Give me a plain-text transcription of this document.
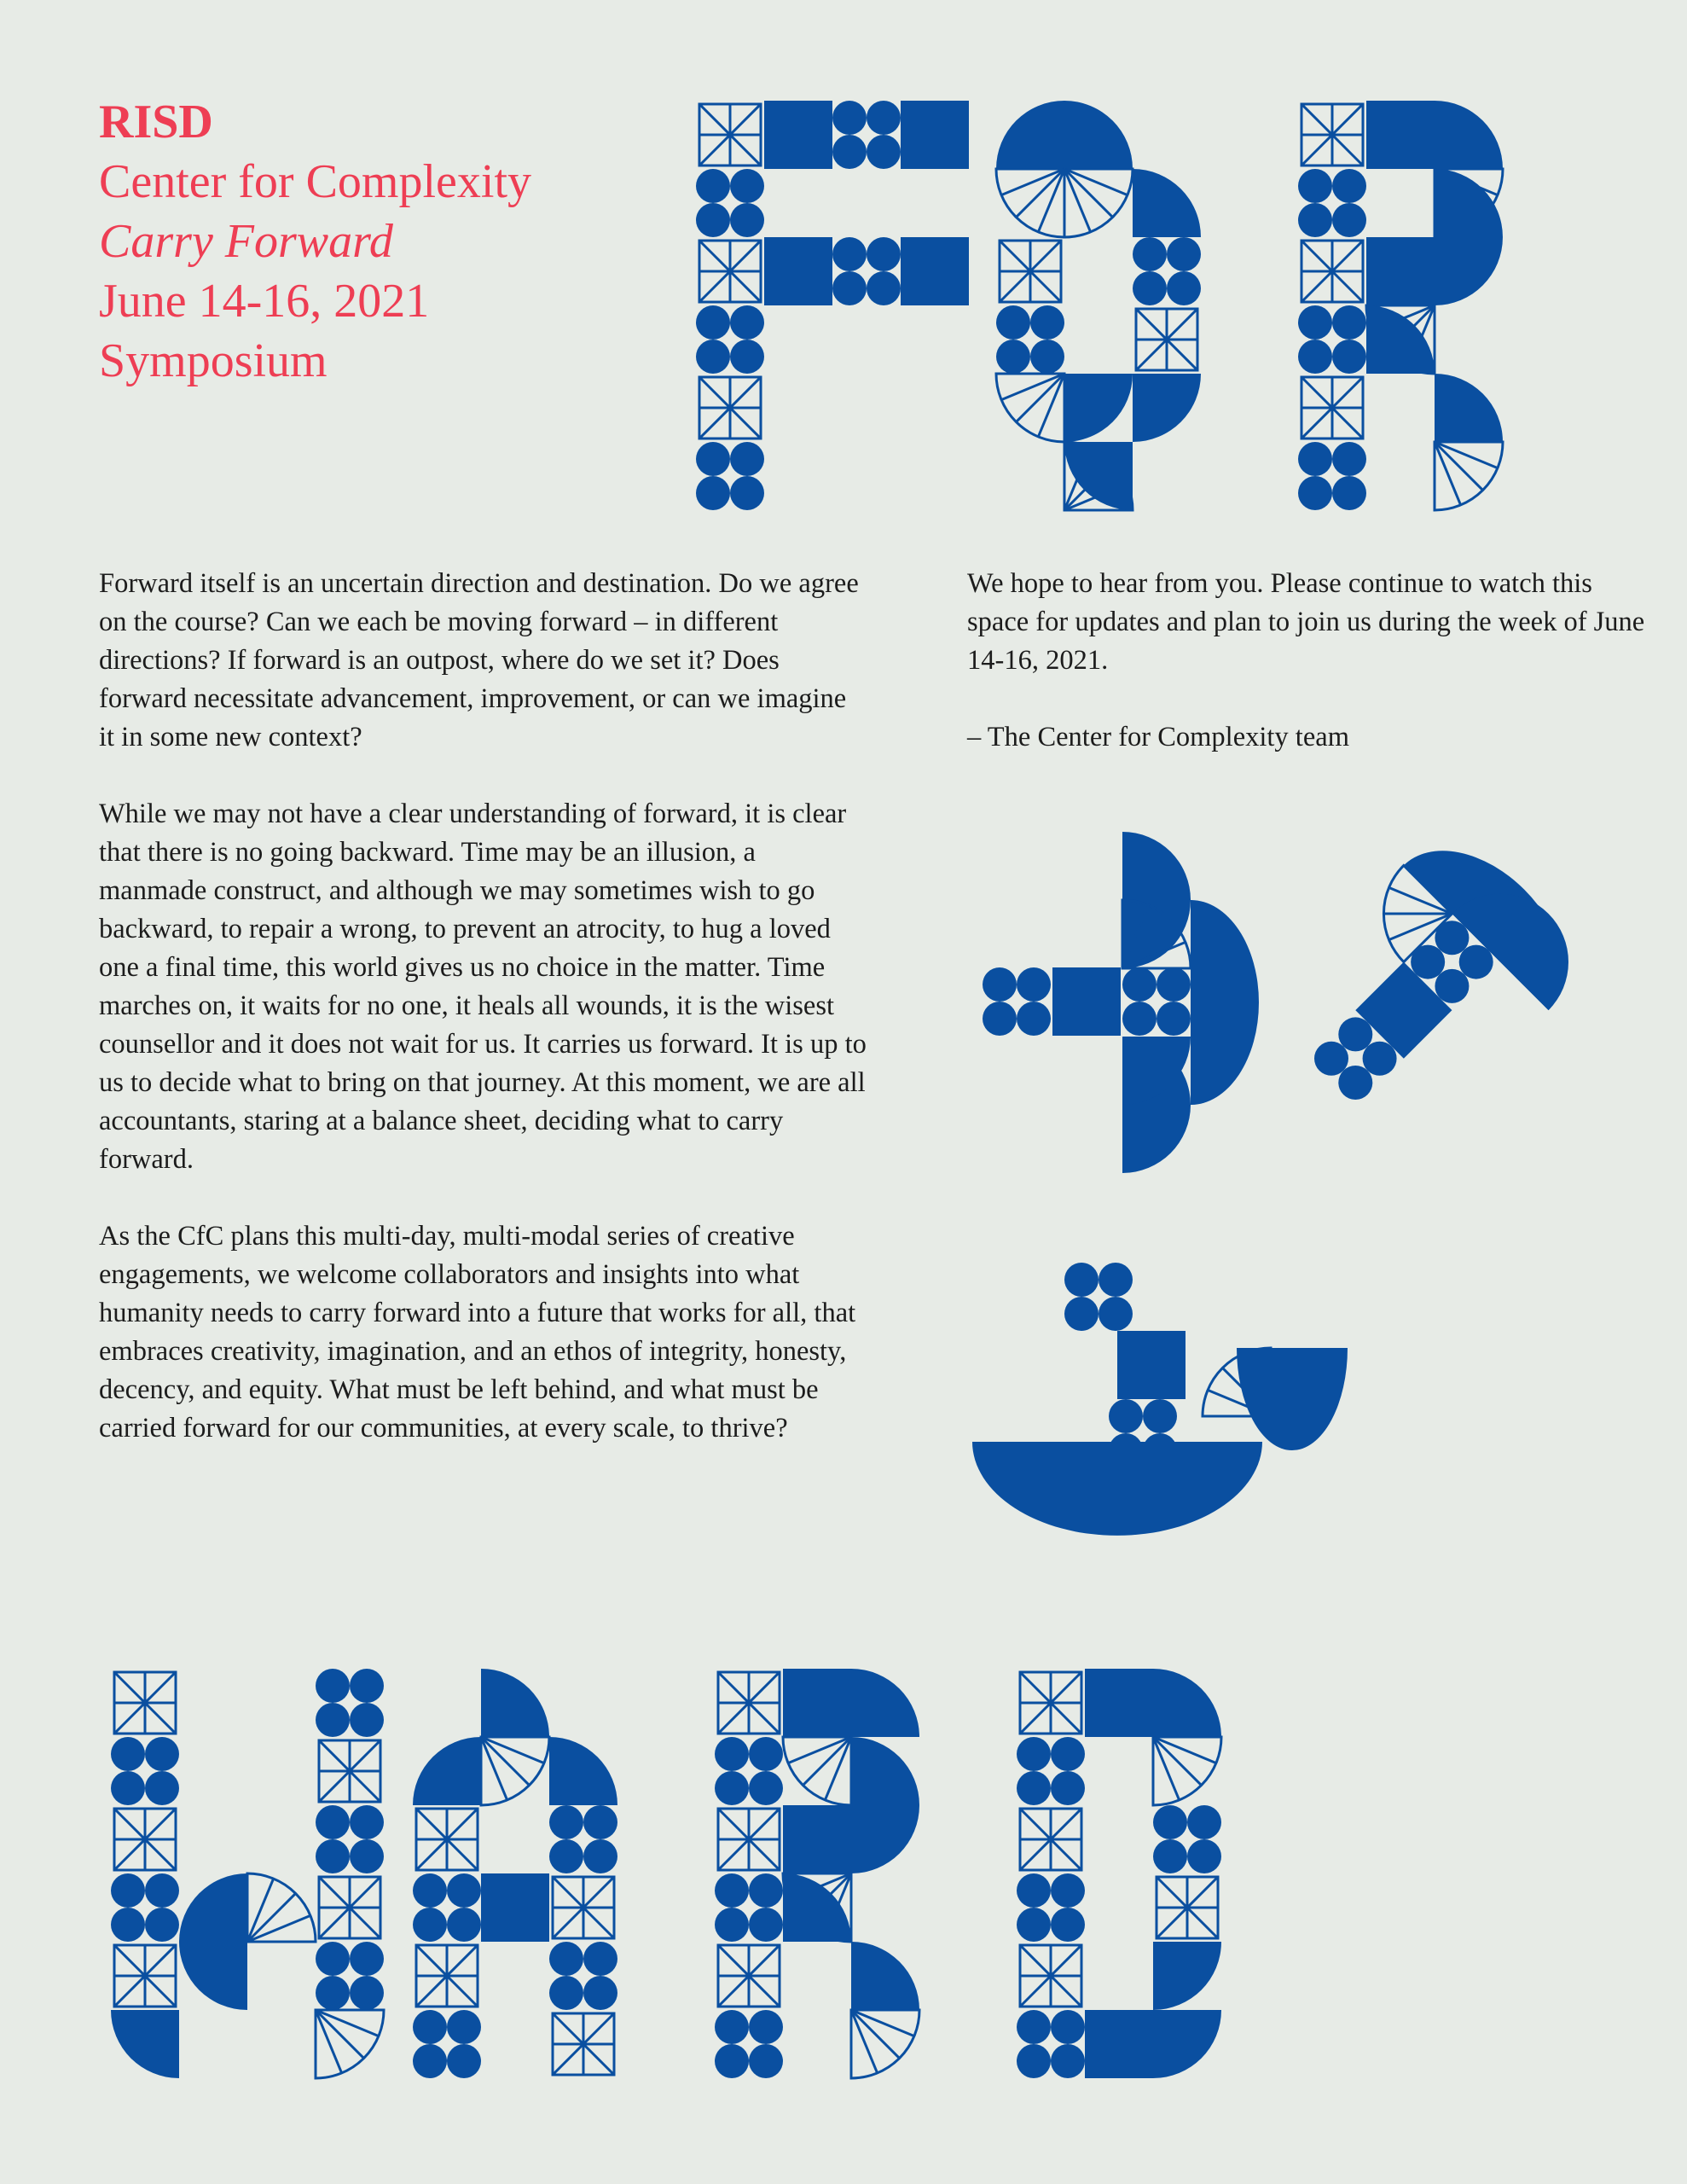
RISD
Center for Complexity
Carry Forward
June 14-16, 2021
Symposium

Forward itself is an uncertain direction and destination. Do we agree on the course? Can we each be moving forward – in different directions? If forward is an outpost, where do we set it? Does forward necessitate advancement, improvement, or can we imagine it in some new context?

While we may not have a clear understanding of forward, it is clear that there is no going backward. Time may be an illusion, a manmade construct, and although we may sometimes wish to go backward, to repair a wrong, to prevent an atrocity, to hug a loved one a final time, this world gives us no choice in the matter. Time marches on, it waits for no one, it heals all wounds, it is the wisest counsellor and it does not wait for us. It carries us forward. It is up to us to decide what to bring on that journey. At this moment, we are all accountants, staring at a balance sheet, deciding what to carry forward.

As the CfC plans this multi-day, multi-modal series of creative engagements, we welcome collaborators and insights into what humanity needs to carry forward into a future that works for all, that embraces creativity, imagination, and an ethos of integrity, honesty, decency, and equity. What must be left behind, and what must be carried forward for our communities, at every scale, to thrive?

We hope to hear from you. Please continue to watch this space for updates and plan to join us during the week of June 14-16, 2021.

– The Center for Complexity team
